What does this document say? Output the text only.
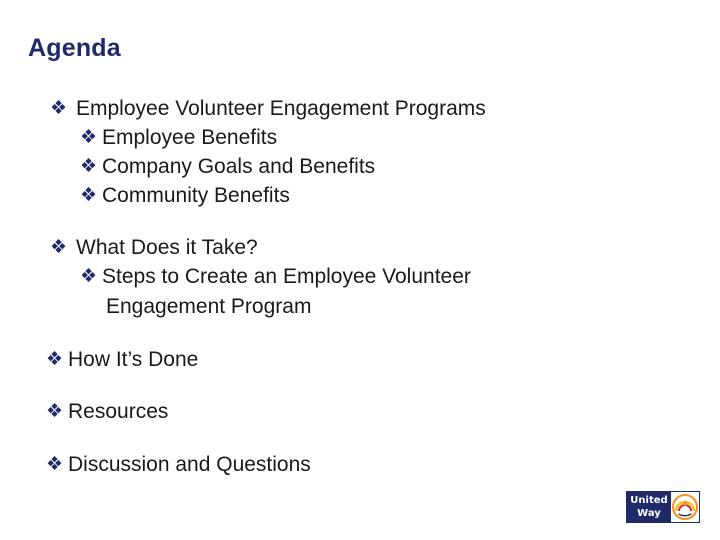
Agenda
❖ Employee Volunteer Engagement Programs
❖ Employee Benefits
❖ Company Goals and Benefits
❖ Community Benefits
❖ What Does it Take?
❖ Steps to Create an Employee Volunteer
Engagement Program
❖ How It’s Done
❖ Resources
❖ Discussion and Questions
United
Way
